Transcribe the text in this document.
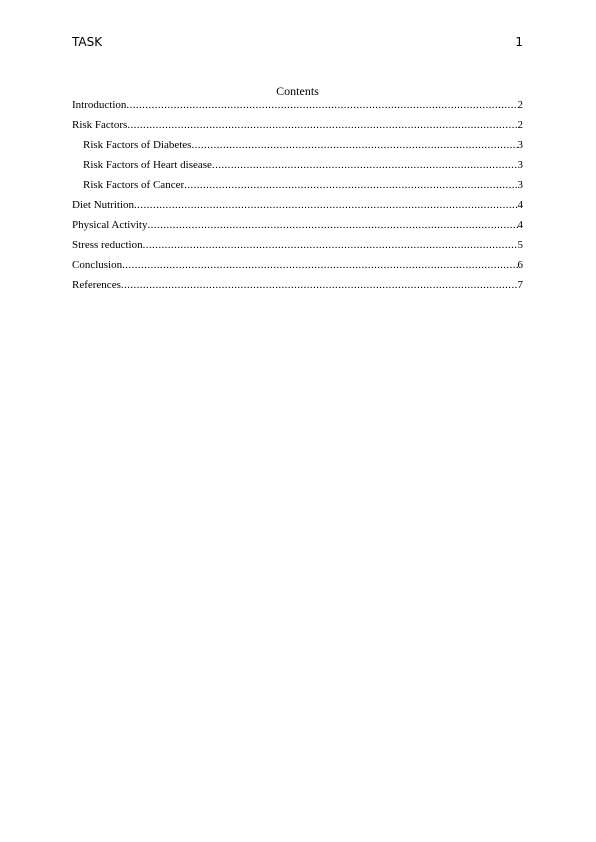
TASK	1
Contents
Introduction .....	2
Risk Factors .....	2
Risk Factors of Diabetes .....	3
Risk Factors of Heart disease .....	3
Risk Factors of Cancer .....	3
Diet Nutrition .....	4
Physical Activity .....	4
Stress reduction .....	5
Conclusion .....	6
References .....	7
